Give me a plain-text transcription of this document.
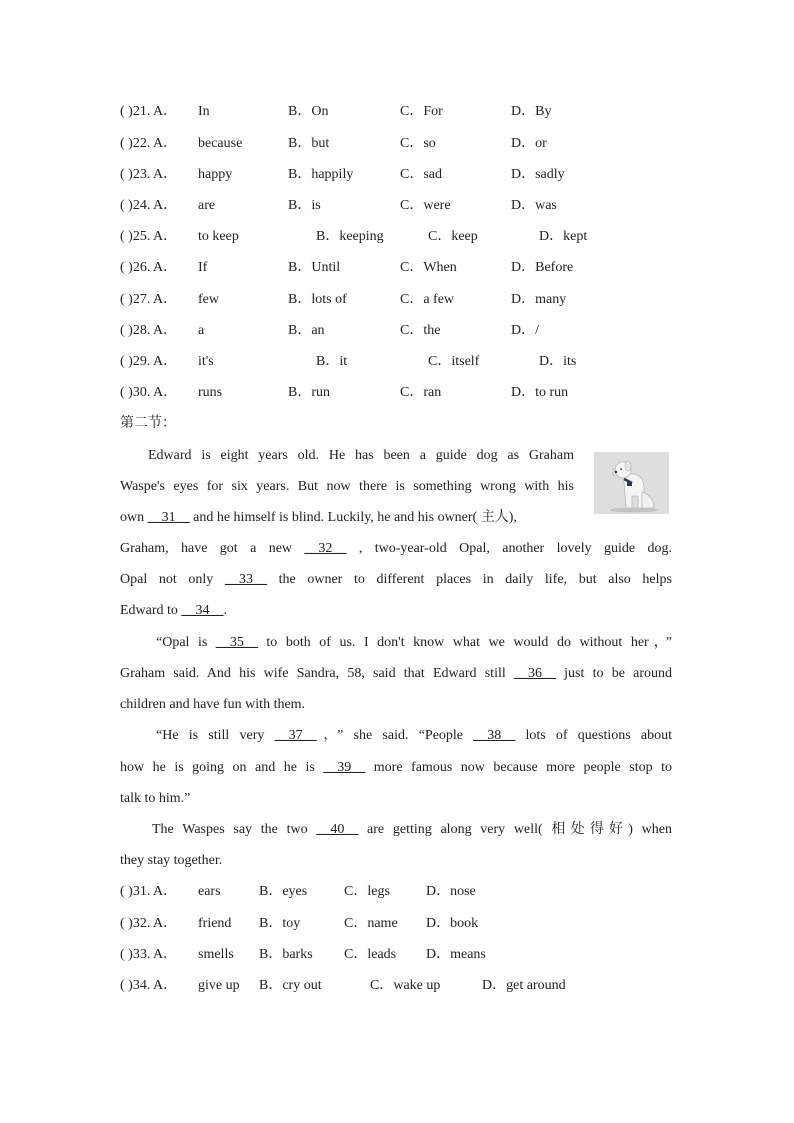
( )21. A． In	B．On	C．For	D．By
( )22. A． because	B．but	C．so	D．or
( )23. A． happy	B．happily	C．sad	D．sadly
( )24. A． are	B．is	C．were	D．was
( )25. A． to keep	B．keeping	C．keep	D．kept
( )26. A． If	B．Until	C．When	D．Before
( )27. A． few	B．lots of	C．a few	D．many
( )28. A． a	B．an	C．the	D．/
( )29. A． it's	B．it	C．itself	D．its
( )30. A． runs	B．run	C．ran	D．to run
第二节：
Edward is eight years old. He has been a guide dog as Graham
Waspe's eyes for six years. But now there is something wrong with his
own __31__ and he himself is blind. Luckily, he and his owner( 主人),
Graham, have got a new __32__ , two-year-old Opal, another lovely guide dog.
Opal not only __33__ the owner to different places in daily life, but also helps
Edward to __34__.
“Opal is __35__ to both of us. I don't know what we would do without her，”
Graham said. And his wife Sandra, 58, said that Edward still __36__ just to be around
children and have fun with them.
“He is still very __37__，” she said. “People __38__ lots of questions about
how he is going on and he is __39__ more famous now because more people stop to
talk to him.”
The Waspes say the two __40__ are getting along very well( 相处得好) when
they stay together.
( )31. A． ears	B．eyes	C．legs	D．nose
( )32. A． friend B．toy	C．name D．book
( )33. A． smells B．barks C．leads D．means
( )34. A． give up B．cry out	C．wake up	D．get around
